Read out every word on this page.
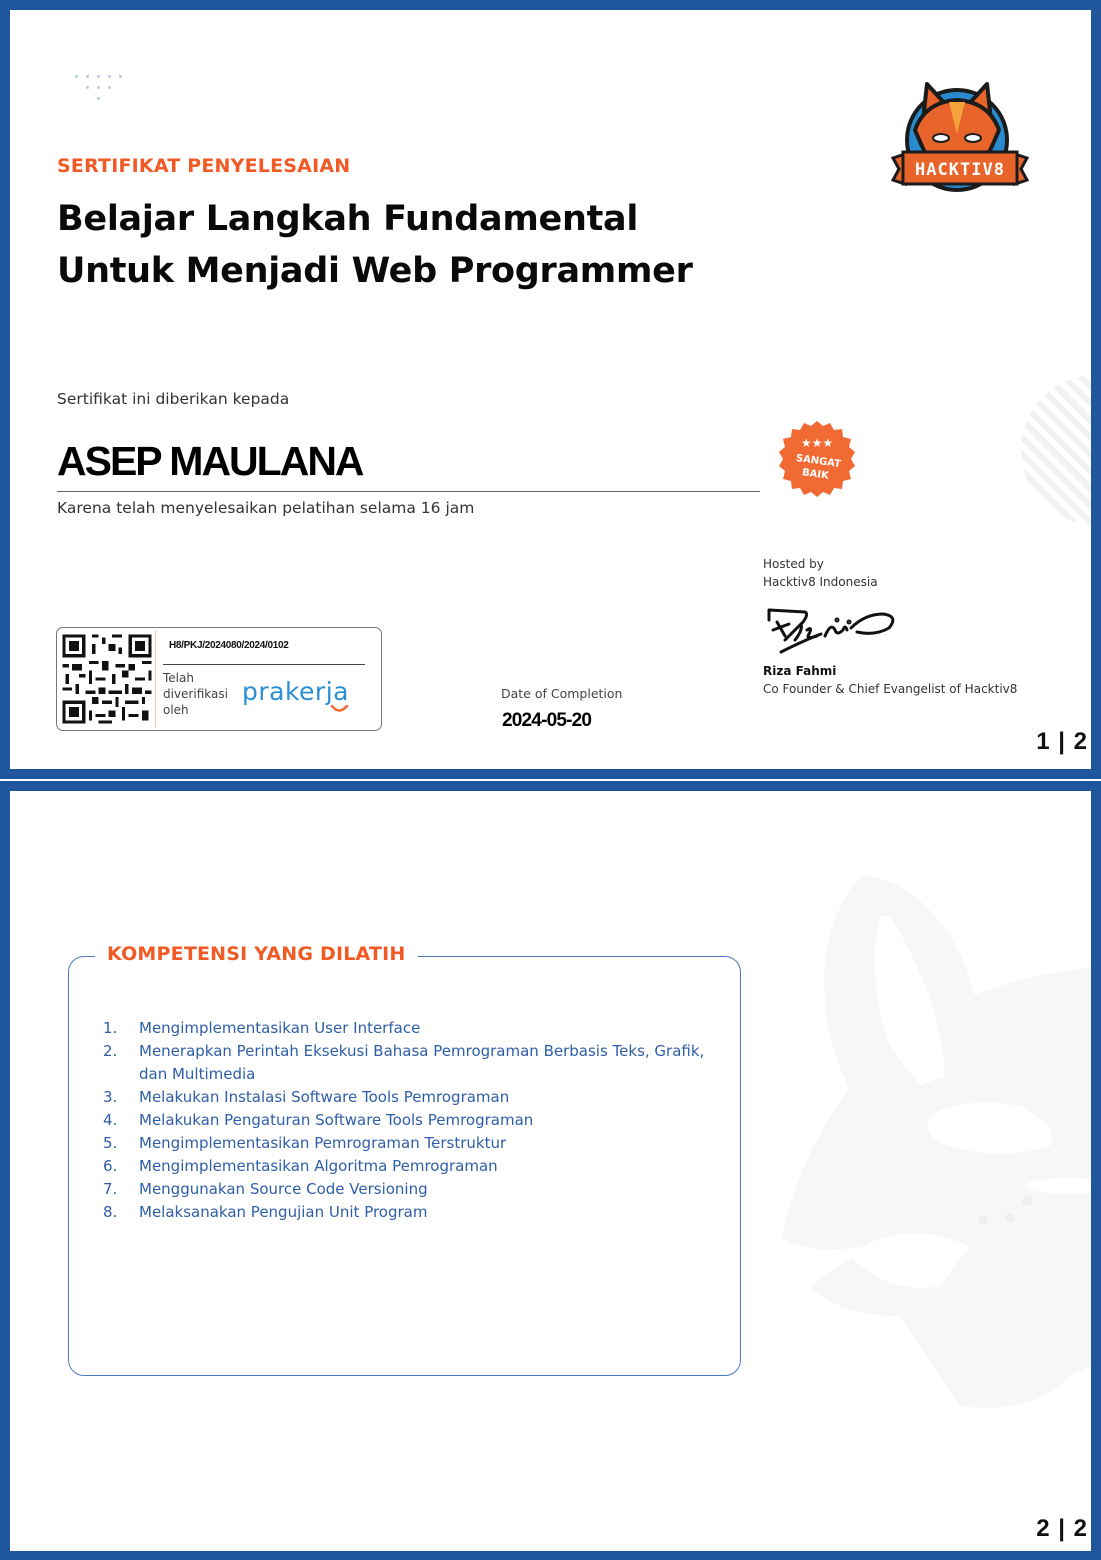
SERTIFIKAT PENYELESAIAN
Belajar Langkah Fundamental
Untuk Menjadi Web Programmer
HACKTIV8
Sertifikat ini diberikan kepada
ASEP MAULANA
Karena telah menyelesaikan pelatihan selama 16 jam
★★★
SANGAT
BAIK
H8/PKJ/2024080/2024/0102
Telah diverifikasi oleh
prakerja	Date of Completion
2024-05-20
Hosted by
Hacktiv8 Indonesia
Riza Fahmi
Co Founder & Chief Evangelist of Hacktiv8
1 | 2
KOMPETENSI YANG DILATIH
1. Mengimplementasikan User Interface
2. Menerapkan Perintah Eksekusi Bahasa Pemrograman Berbasis Teks, Grafik, dan Multimedia
3. Melakukan Instalasi Software Tools Pemrograman
4. Melakukan Pengaturan Software Tools Pemrograman
5. Mengimplementasikan Pemrograman Terstruktur
6. Mengimplementasikan Algoritma Pemrograman
7. Menggunakan Source Code Versioning
8. Melaksanakan Pengujian Unit Program
2 | 2
